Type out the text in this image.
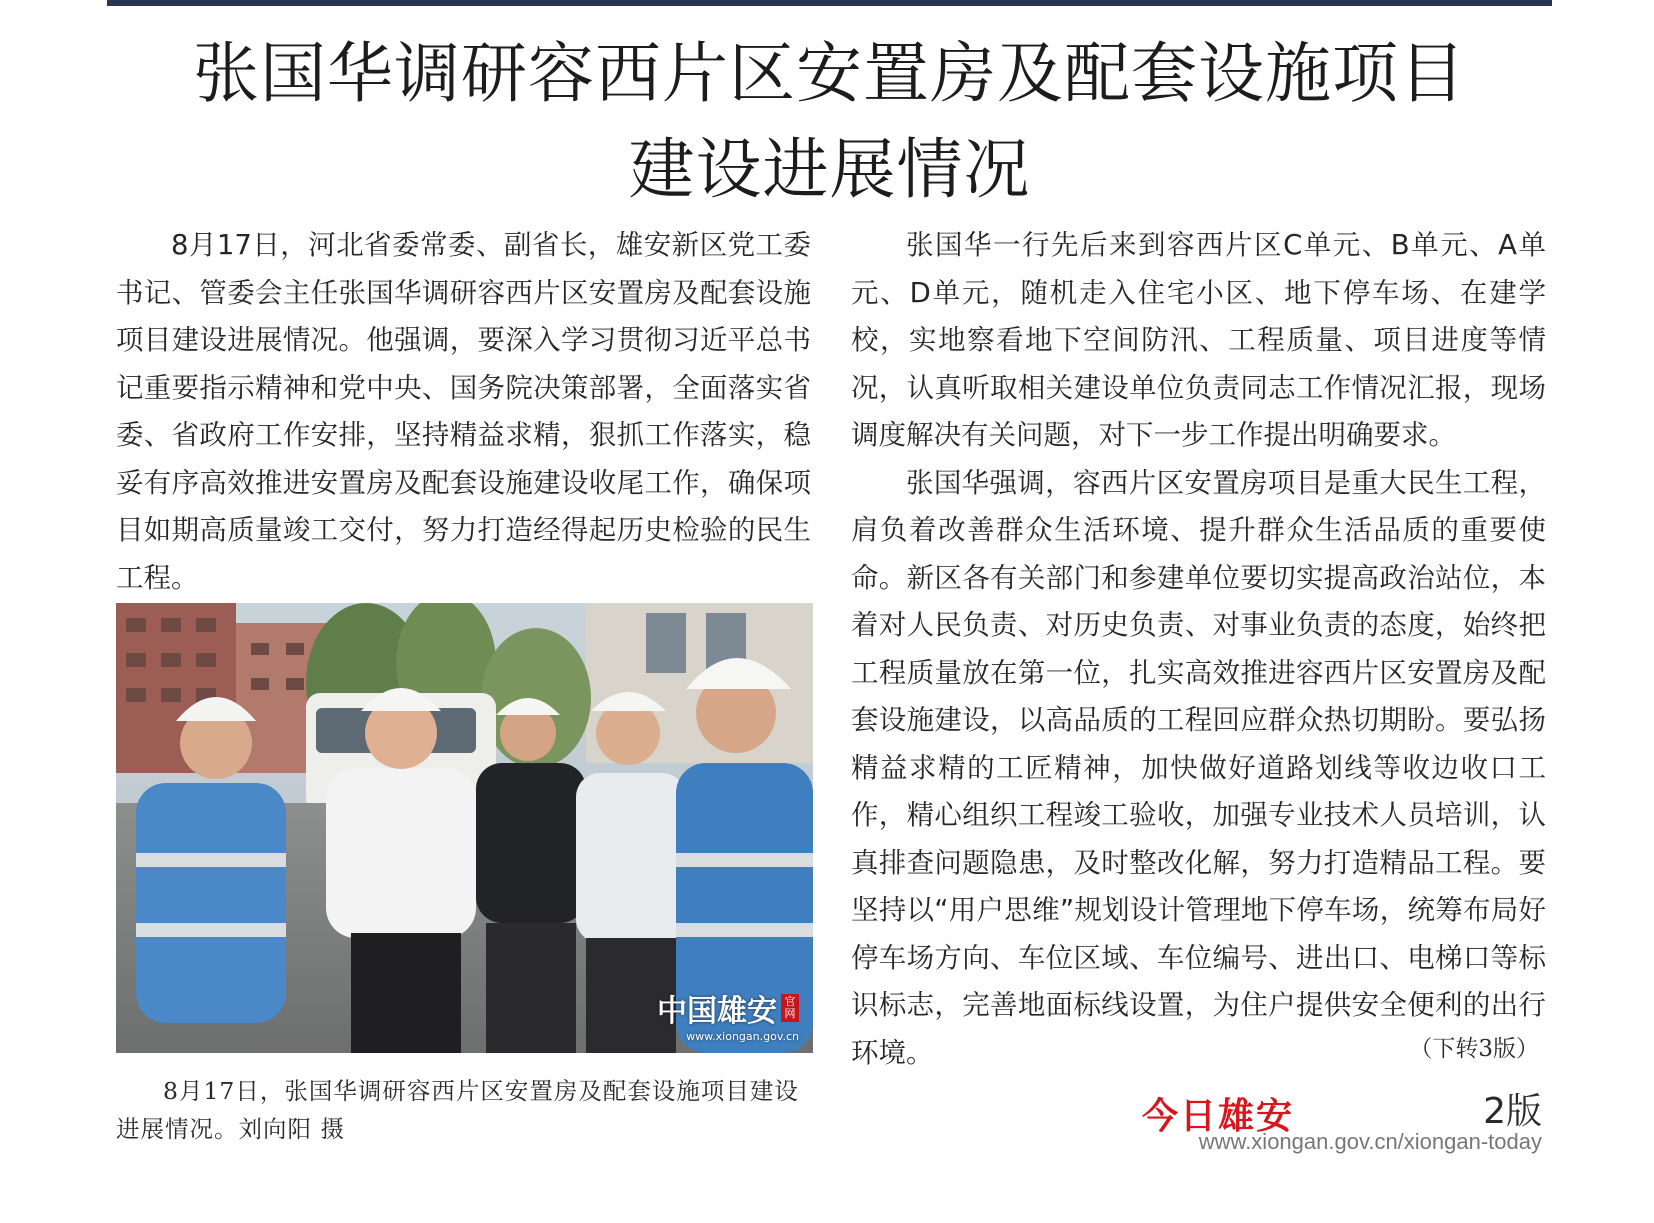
张国华调研容西片区安置房及配套设施项目
建设进展情况

8月17日，河北省委常委、副省长，雄安新区党工委书记、管委会主任张国华调研容西片区安置房及配套设施项目建设进展情况。他强调，要深入学习贯彻习近平总书记重要指示精神和党中央、国务院决策部署，全面落实省委、省政府工作安排，坚持精益求精，狠抓工作落实，稳妥有序高效推进安置房及配套设施建设收尾工作，确保项目如期高质量竣工交付，努力打造经得起历史检验的民生工程。

中国雄安 官网
www.xiongan.gov.cn

8月17日，张国华调研容西片区安置房及配套设施项目建设进展情况。刘向阳 摄

张国华一行先后来到容西片区C单元、B单元、A单元、D单元，随机走入住宅小区、地下停车场、在建学校，实地察看地下空间防汛、工程质量、项目进度等情况，认真听取相关建设单位负责同志工作情况汇报，现场调度解决有关问题，对下一步工作提出明确要求。

张国华强调，容西片区安置房项目是重大民生工程，肩负着改善群众生活环境、提升群众生活品质的重要使命。新区各有关部门和参建单位要切实提高政治站位，本着对人民负责、对历史负责、对事业负责的态度，始终把工程质量放在第一位，扎实高效推进容西片区安置房及配套设施建设，以高品质的工程回应群众热切期盼。要弘扬精益求精的工匠精神，加快做好道路划线等收边收口工作，精心组织工程竣工验收，加强专业技术人员培训，认真排查问题隐患，及时整改化解，努力打造精品工程。要坚持以“用户思维”规划设计管理地下停车场，统筹布局好停车场方向、车位区域、车位编号、进出口、电梯口等标识标志，完善地面标线设置，为住户提供安全便利的出行环境。	（下转3版）
今日雄安	2版
www.xiongan.gov.cn/xiongan-today
